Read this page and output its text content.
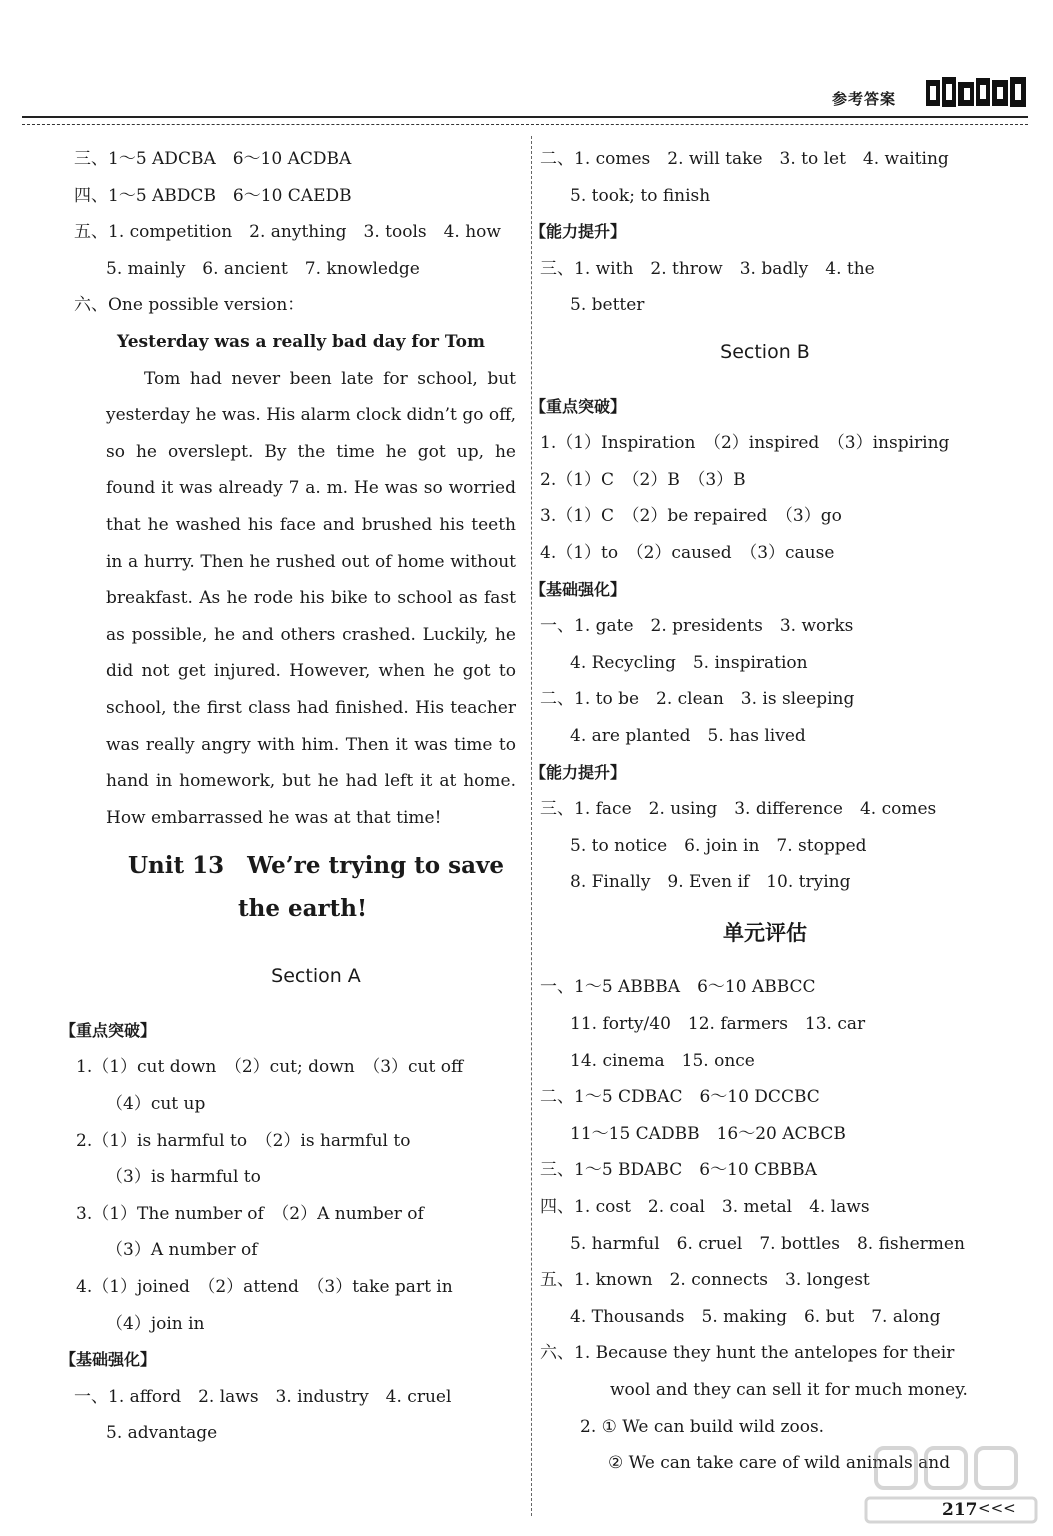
参考答案
三、1～5 ADCBA　6～10 ACDBA
四、1～5 ABDCB　6～10 CAEDB
五、1. competition　2. anything　3. tools　4. how
5. mainly　6. ancient　7. knowledge
六、One possible version：
Yesterday was a really bad day for Tom

Tom had never been late for school, but yesterday he was. His alarm clock didn’t go off, so he overslept. By the time he got up, he found it was already 7 a. m. He was so worried that he washed his face and brushed his teeth in a hurry. Then he rushed out of home without breakfast. As he rode his bike to school as fast as possible, he and others crashed. Luckily, he did not get injured. However, when he got to school, the first class had finished. His teacher was really angry with him. Then it was time to hand in homework, but he had left it at home. How embarrassed he was at that time!

Unit 13　We’re trying to save
the earth!
Section A
【重点突破】
1.（1）cut down　（2）cut; down　（3）cut off
（4）cut up
2.（1）is harmful to　（2）is harmful to
（3）is harmful to
3.（1）The number of　（2）A number of
（3）A number of
4.（1）joined　（2）attend　（3）take part in
（4）join in
【基础强化】
一、1. afford　2. laws　3. industry　4. cruel
5. advantage
二、1. comes　2. will take　3. to let　4. waiting
5. took; to finish
【能力提升】
三、1. with　2. throw　3. badly　4. the
5. better
Section B
【重点突破】
1.（1）Inspiration　（2）inspired　（3）inspiring
2.（1）C　（2）B　（3）B
3.（1）C　（2）be repaired　（3）go
4.（1）to　（2）caused　（3）cause
【基础强化】
一、1. gate　2. presidents　3. works
4. Recycling　5. inspiration
二、1. to be　2. clean　3. is sleeping
4. are planted　5. has lived
【能力提升】
三、1. face　2. using　3. difference　4. comes
5. to notice　6. join in　7. stopped
8. Finally　9. Even if　10. trying
单元评估
一、1～5 ABBBA　6～10 ABBCC
11. forty/40　12. farmers　13. car
14. cinema　15. once
二、1～5 CDBAC　6～10 DCCBC
11～15 CADBB　16～20 ACBCB
三、1～5 BDABC　6～10 CBBBA
四、1. cost　2. coal　3. metal　4. laws
5. harmful　6. cruel　7. bottles　8. fishermen
五、1. known　2. connects　3. longest
4. Thousands　5. making　6. but　7. along
六、1. Because they hunt the antelopes for their
wool and they can sell it for much money.
2. ① We can build wild zoos.
② We can take care of wild animals and
217 <<<
